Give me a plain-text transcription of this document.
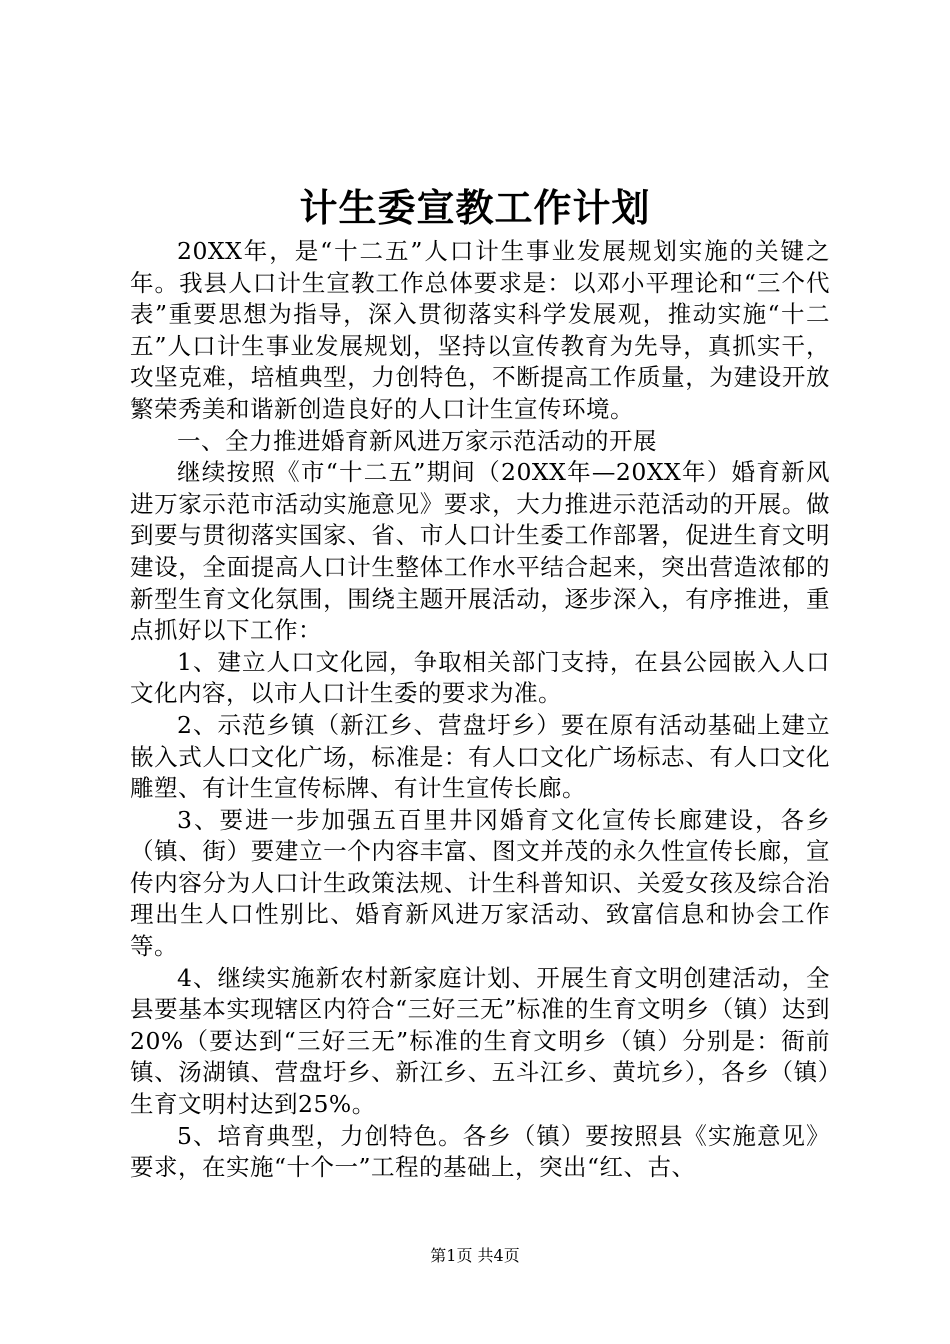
计生委宣教工作计划

20XX年，是“十二五”人口计生事业发展规划实施的关键之年。我县人口计生宣教工作总体要求是：以邓小平理论和“三个代表”重要思想为指导，深入贯彻落实科学发展观，推动实施“十二五”人口计生事业发展规划，坚持以宣传教育为先导，真抓实干，攻坚克难，培植典型，力创特色，不断提高工作质量，为建设开放繁荣秀美和谐新创造良好的人口计生宣传环境。

一、全力推进婚育新风进万家示范活动的开展

继续按照《市“十二五”期间（20XX年—20XX年）婚育新风进万家示范市活动实施意见》要求，大力推进示范活动的开展。做到要与贯彻落实国家、省、市人口计生委工作部署，促进生育文明建设，全面提高人口计生整体工作水平结合起来，突出营造浓郁的新型生育文化氛围，围绕主题开展活动，逐步深入，有序推进，重点抓好以下工作：

1、建立人口文化园，争取相关部门支持，在县公园嵌入人口文化内容，以市人口计生委的要求为准。

2、示范乡镇（新江乡、营盘圩乡）要在原有活动基础上建立嵌入式人口文化广场，标准是：有人口文化广场标志、有人口文化雕塑、有计生宣传标牌、有计生宣传长廊。

3、要进一步加强五百里井冈婚育文化宣传长廊建设，各乡（镇、街）要建立一个内容丰富、图文并茂的永久性宣传长廊，宣传内容分为人口计生政策法规、计生科普知识、关爱女孩及综合治理出生人口性别比、婚育新风进万家活动、致富信息和协会工作等。

4、继续实施新农村新家庭计划、开展生育文明创建活动，全县要基本实现辖区内符合“三好三无”标准的生育文明乡（镇）达到20%（要达到“三好三无”标准的生育文明乡（镇）分别是：衙前镇、汤湖镇、营盘圩乡、新江乡、五斗江乡、黄坑乡），各乡（镇）生育文明村达到25%。

5、培育典型，力创特色。各乡（镇）要按照县《实施意见》要求，在实施“十个一”工程的基础上，突出“红、古、

第1页 共4页
